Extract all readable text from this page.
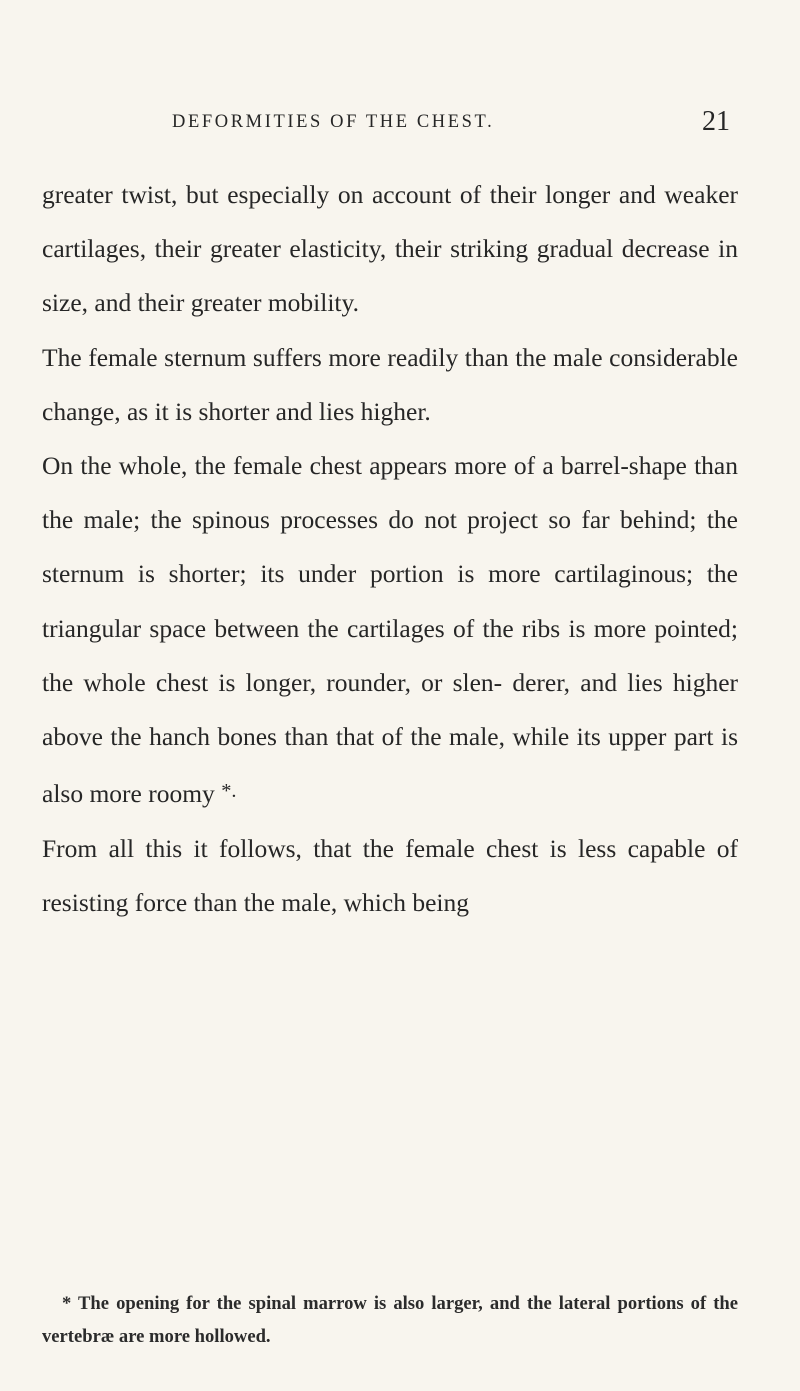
DEFORMITIES OF THE CHEST.	21

greater twist, but especially on account of their longer and weaker cartilages, their greater elasticity, their striking gradual decrease in size, and their greater mobility.

The female sternum suffers more readily than the male considerable change, as it is shorter and lies higher.

On the whole, the female chest appears more of a barrel-shape than the male; the spinous processes do not project so far behind; the sternum is shorter; its under portion is more cartilaginous; the triangular space between the cartilages of the ribs is more pointed; the whole chest is longer, rounder, or slen- derer, and lies higher above the hanch bones than that of the male, while its upper part is also more roomy *.

From all this it follows, that the female chest is less capable of resisting force than the male, which being

* The opening for the spinal marrow is also larger, and the lateral portions of the vertebræ are more hollowed.
